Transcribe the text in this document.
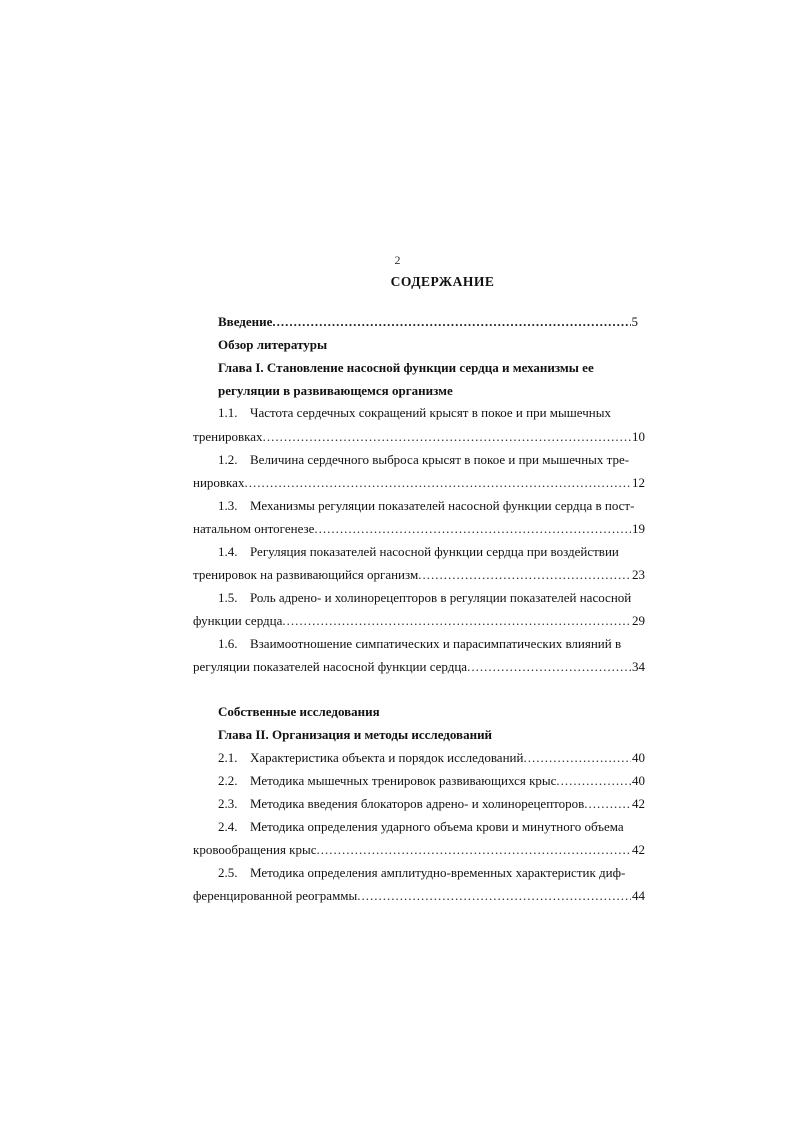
2
СОДЕРЖАНИЕ
Введение .....	5
Обзор литературы
Глава I. Становление насосной функции сердца и механизмы ее
регуляции в развивающемся организме
1.1. Частота сердечных сокращений крысят в покое и при мышечных
тренировках .....	10
1.2. Величина сердечного выброса крысят в покое и при мышечных тре-
нировках .....	12
1.3. Механизмы регуляции показателей насосной функции сердца в пост-
натальном онтогенезе .....	19
1.4. Регуляция показателей насосной функции сердца при воздействии
тренировок на развивающийся организм .....	23
1.5. Роль адрено- и холинорецепторов в регуляции показателей насосной
функции сердца .....	29
1.6. Взаимоотношение симпатических и парасимпатических влияний в
регуляции показателей насосной функции сердца .....	34
Собственные исследования
Глава II. Организация и методы исследований
2.1. Характеристика объекта и порядок исследований .....	40
2.2. Методика мышечных тренировок развивающихся крыс .....	40
2.3. Методика введения блокаторов адрено- и холинорецепторов .....	42
2.4. Методика определения ударного объема крови и минутного объема
кровообращения крыс .....	42
2.5. Методика определения амплитудно-временных характеристик диф-
ференцированной реограммы .....	44
